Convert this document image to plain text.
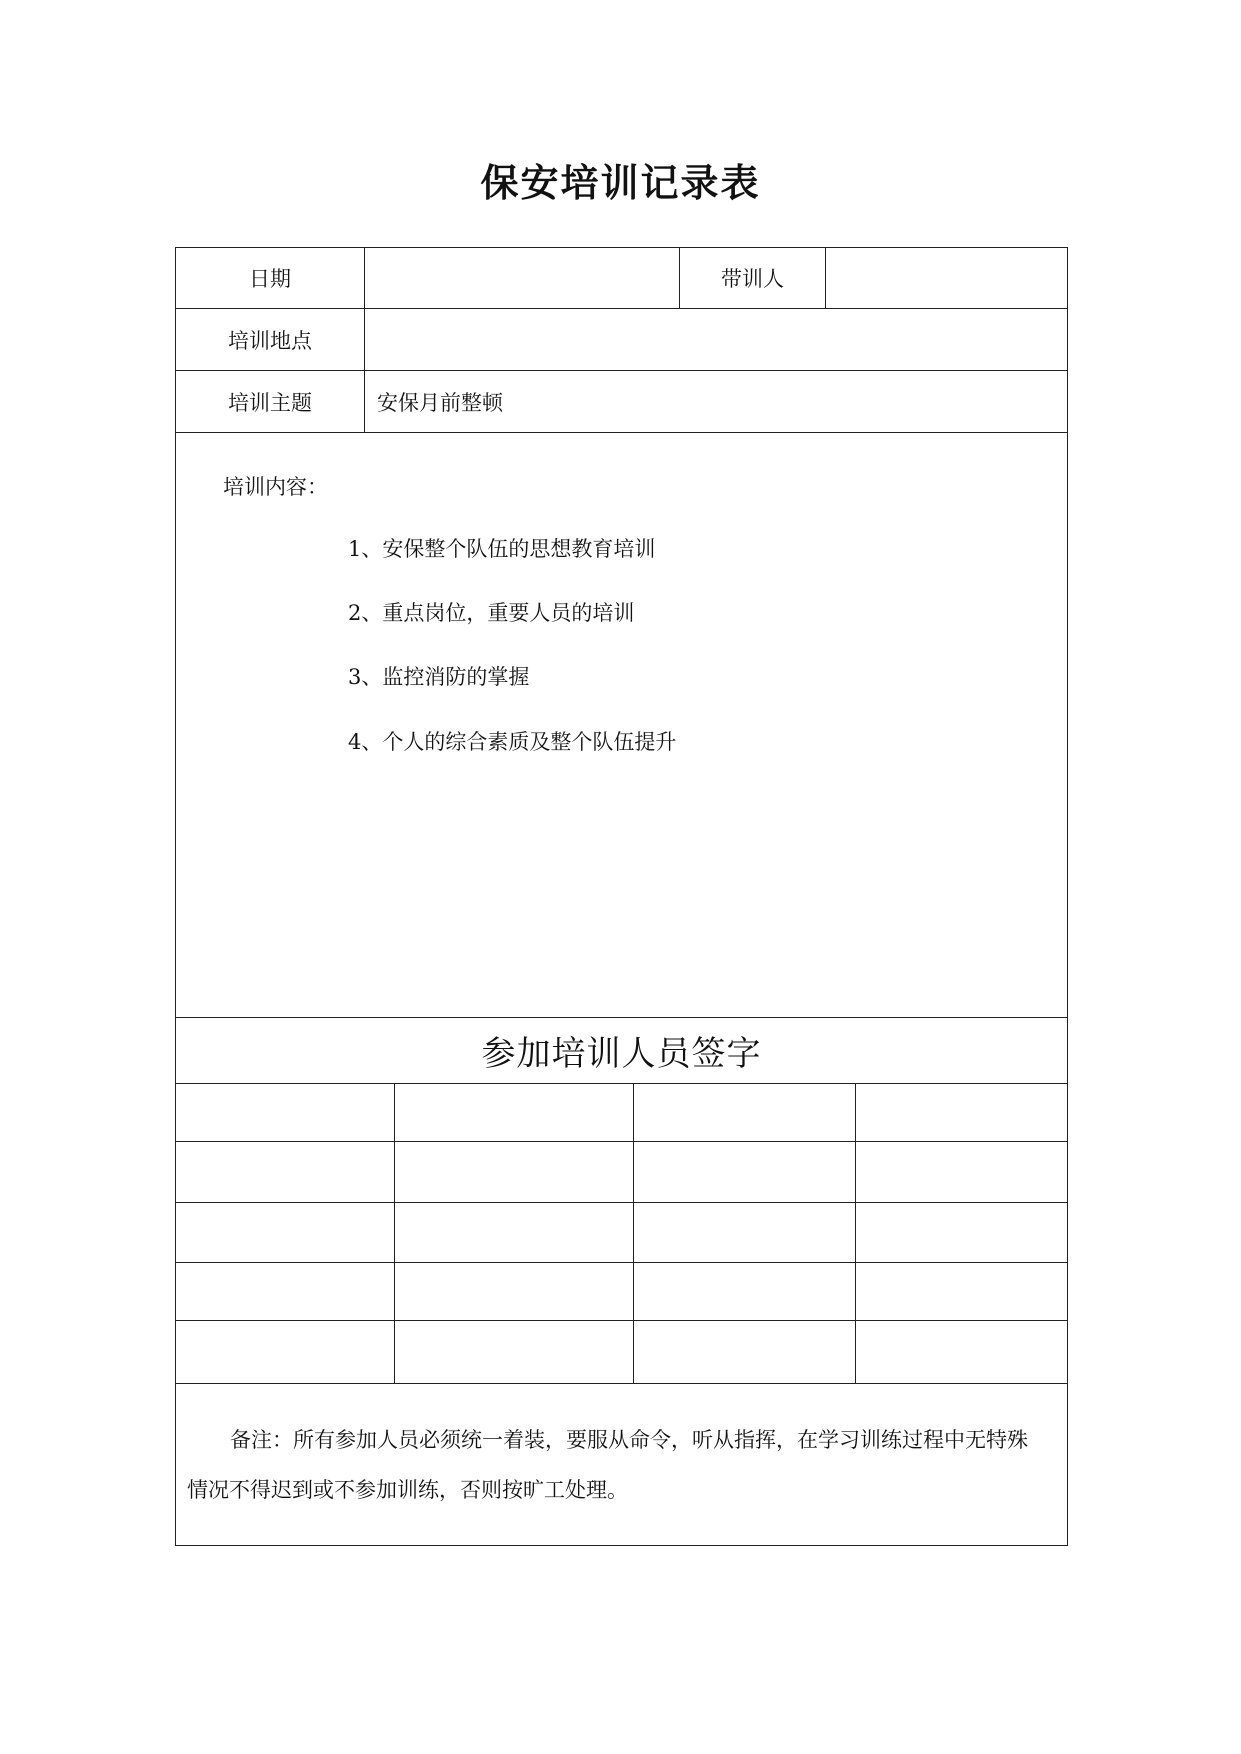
保安培训记录表
日期	带训人
培训地点
培训主题	安保月前整顿
培训内容：
1、安保整个队伍的思想教育培训
2、重点岗位，重要人员的培训
3、监控消防的掌握
4、个人的综合素质及整个队伍提升
参加培训人员签字
备注：所有参加人员必须统一着装，要服从命令，听从指挥，在学习训练过程中无特殊
情况不得迟到或不参加训练，否则按旷工处理。
